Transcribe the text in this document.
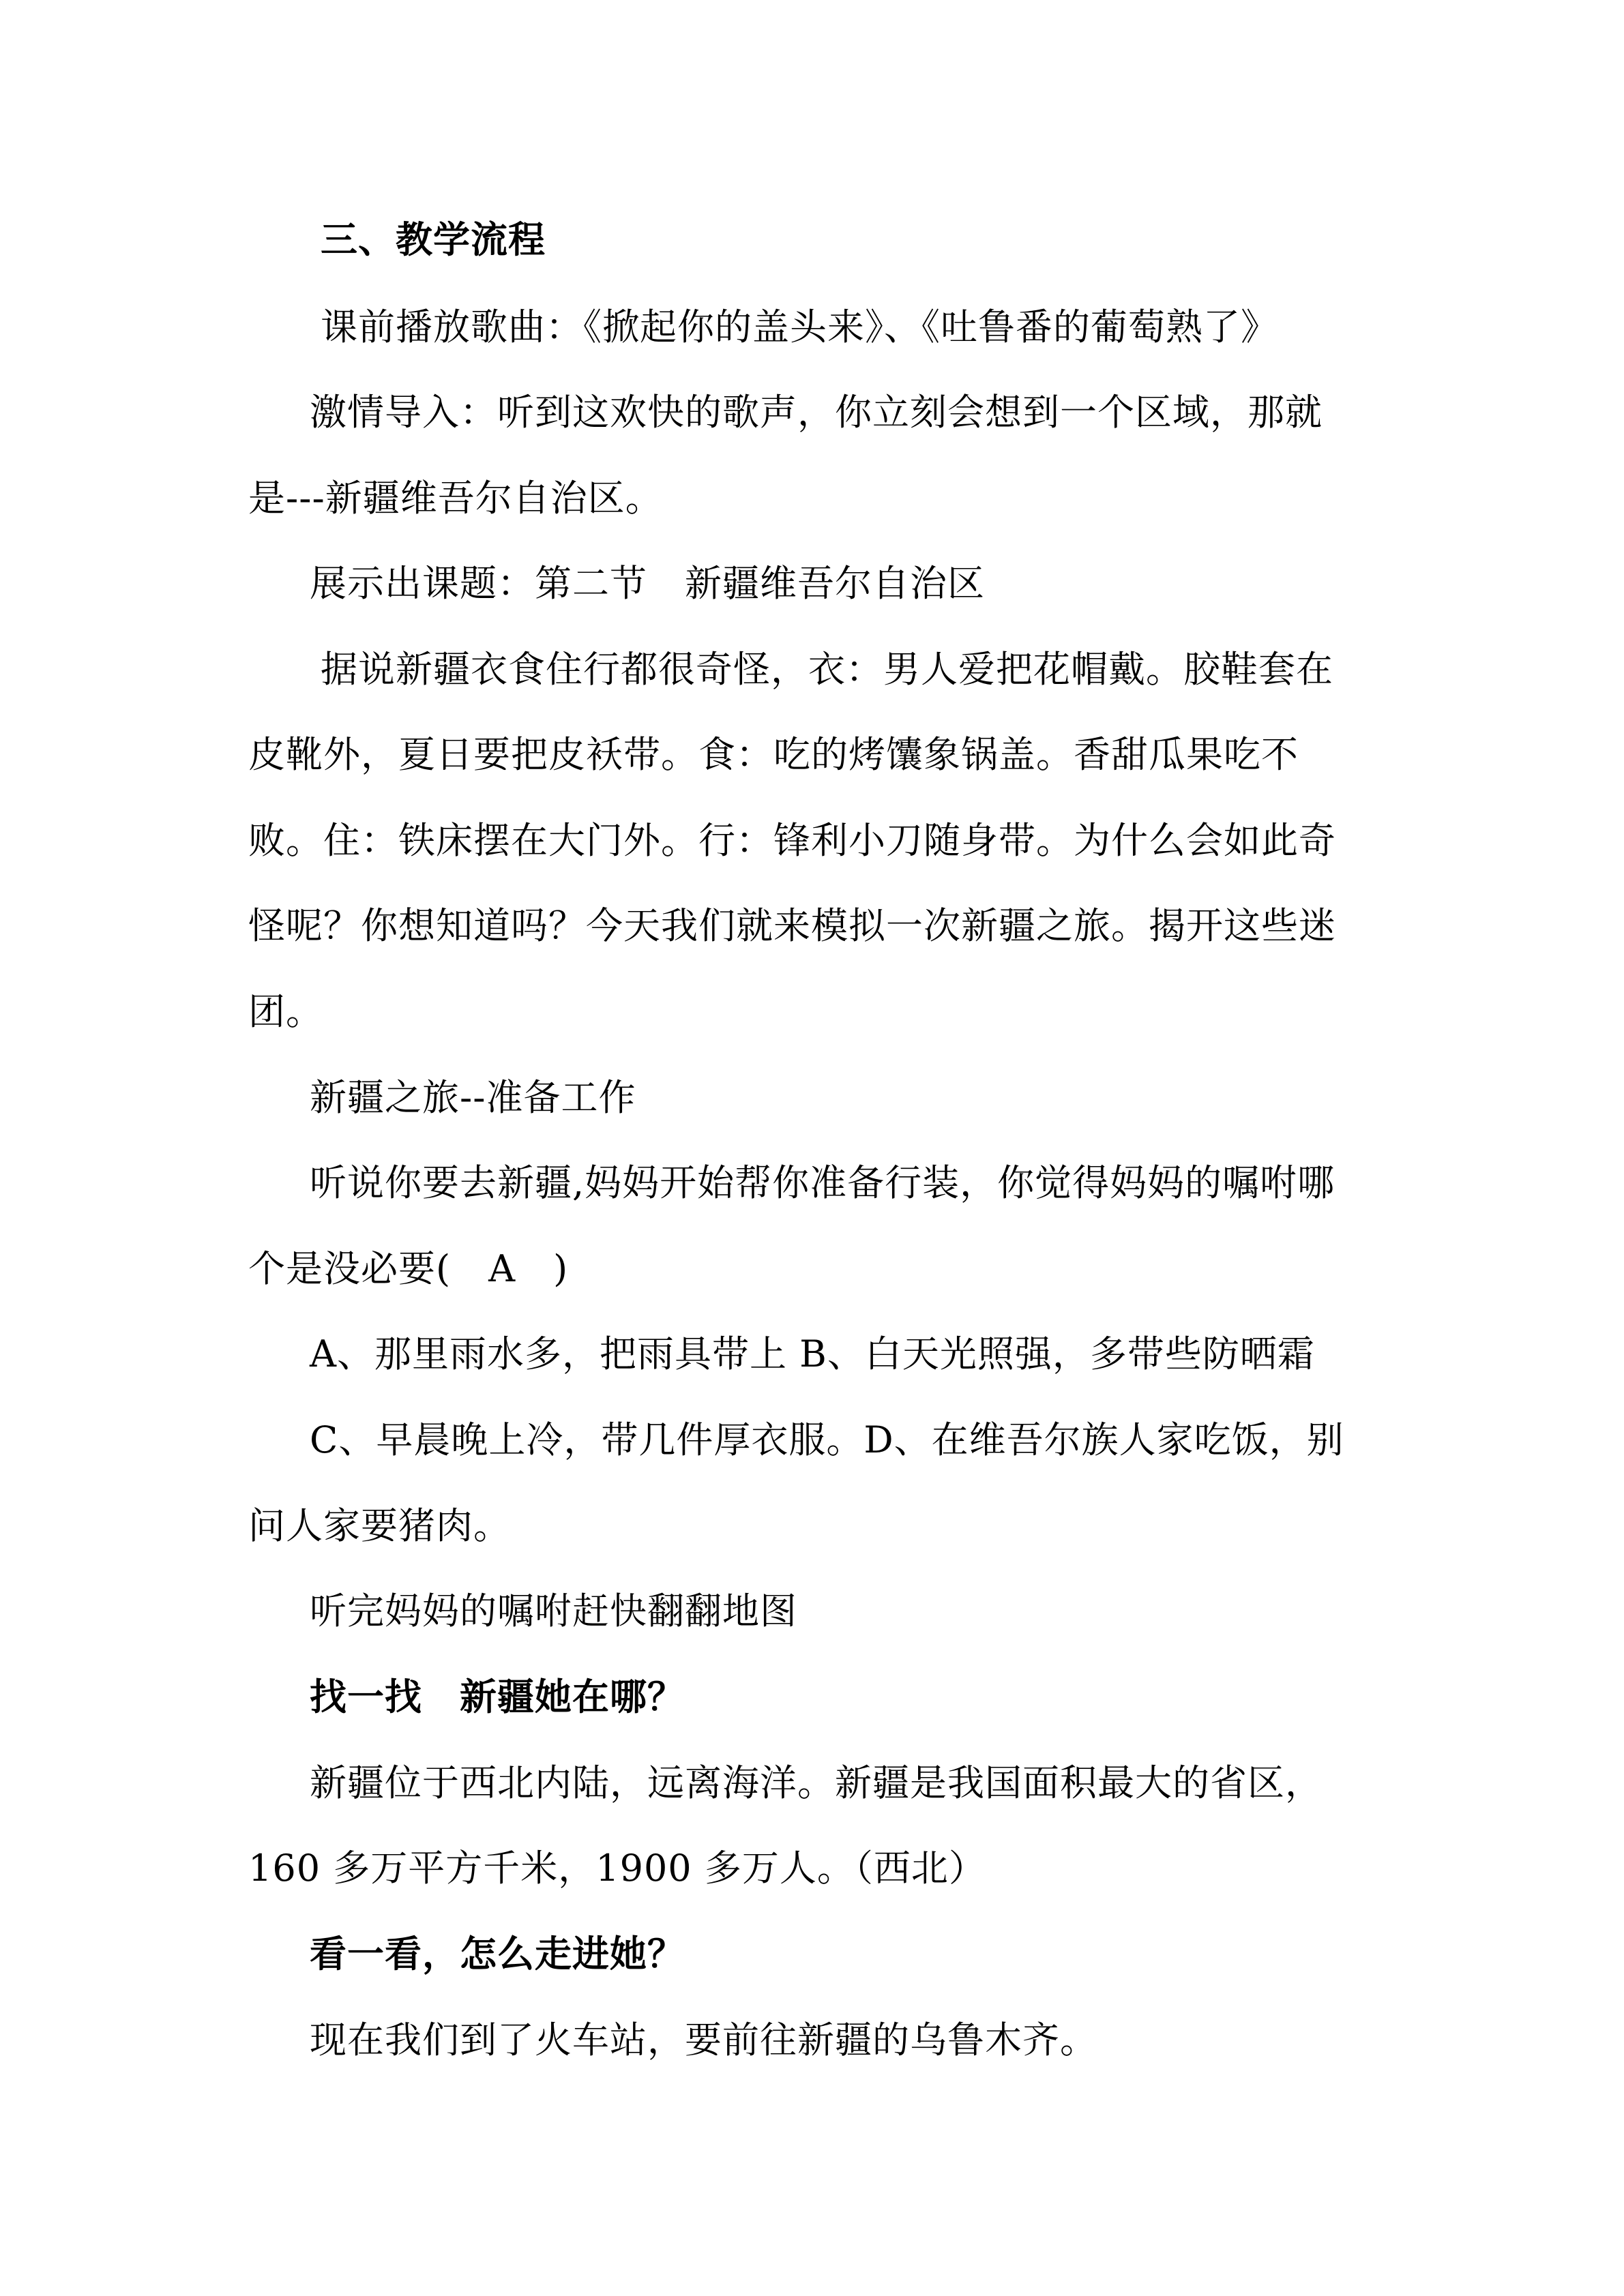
三、教学流程

课前播放歌曲：《掀起你的盖头来》、《吐鲁番的葡萄熟了》

激情导入：听到这欢快的歌声，你立刻会想到一个区域，那就

是---新疆维吾尔自治区。

展示出课题：第二节　新疆维吾尔自治区

据说新疆衣食住行都很奇怪，衣：男人爱把花帽戴。胶鞋套在

皮靴外，夏日要把皮袄带。食：吃的烤馕象锅盖。香甜瓜果吃不

败。住：铁床摆在大门外。行：锋利小刀随身带。为什么会如此奇

怪呢？你想知道吗？今天我们就来模拟一次新疆之旅。揭开这些迷

团。

新疆之旅--准备工作

听说你要去新疆,妈妈开始帮你准备行装，你觉得妈妈的嘱咐哪

个是没必要(　A　)

A、那里雨水多，把雨具带上 B、白天光照强，多带些防晒霜

C、早晨晚上冷，带几件厚衣服。D、在维吾尔族人家吃饭，别

问人家要猪肉。

听完妈妈的嘱咐赶快翻翻地图

找一找　新疆她在哪？

新疆位于西北内陆，远离海洋。新疆是我国面积最大的省区，

160 多万平方千米，1900 多万人。（西北）

看一看，怎么走进她？

现在我们到了火车站，要前往新疆的乌鲁木齐。
